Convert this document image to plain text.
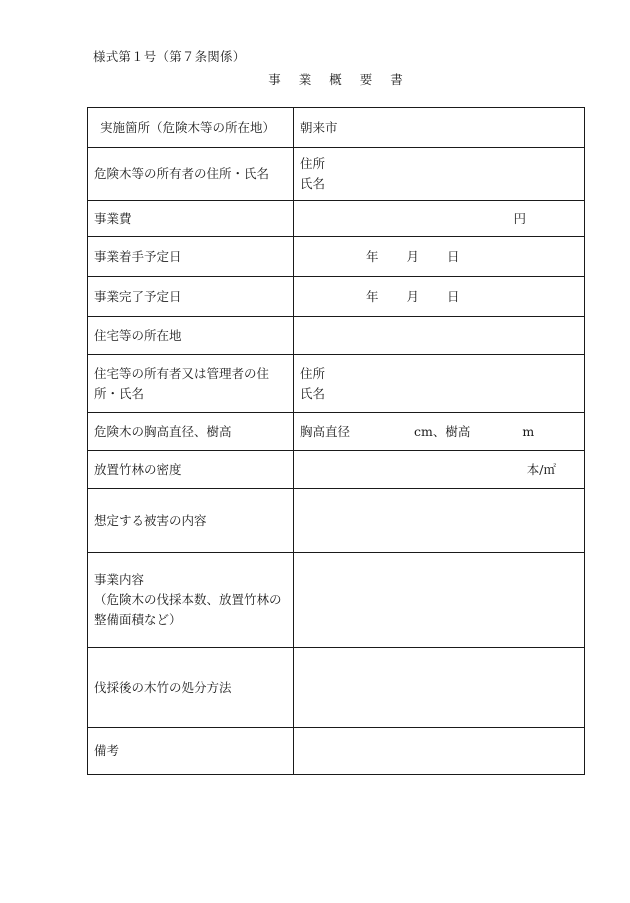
様式第１号（第７条関係）
事 業 概 要 書
実施箇所（危険木等の所在地）	朝来市
危険木等の所有者の住所・氏名	住所
氏名

事業費	円

事業着手予定日	年 月 日
事業完了予定日	年 月 日
住宅等の所在地	

住宅等の所有者又は管理者の住
所・氏名	住所
氏名

危険木の胸高直径、樹高	胸高直径 cm、樹高 m
放置竹林の密度	本/㎡

想定する被害の内容	

事業内容
（危険木の伐採本数、放置竹林の
整備面積など）	

伐採後の木竹の処分方法	
備考	
